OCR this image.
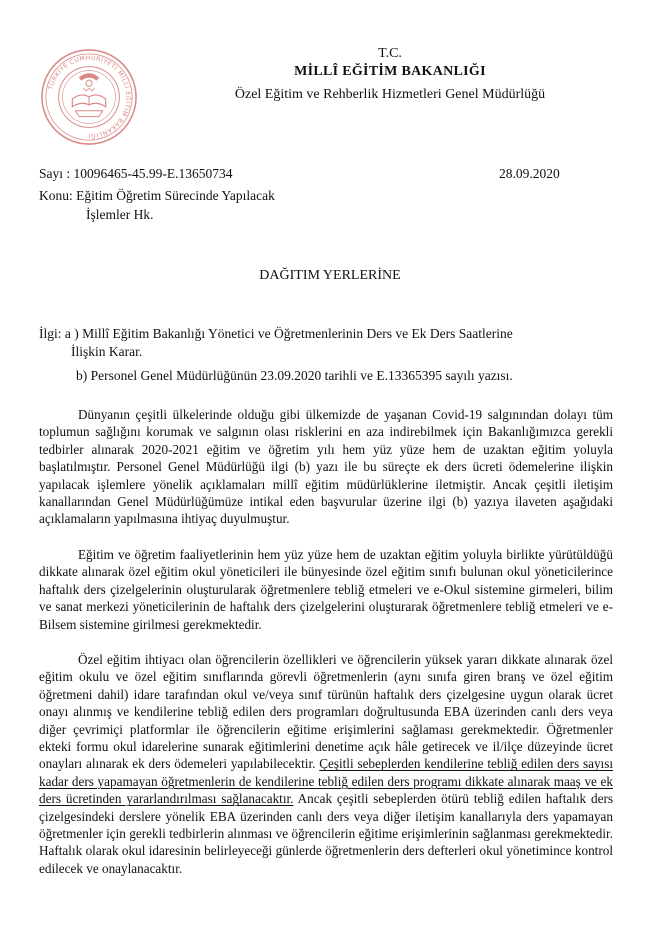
TÜRKİYE CUMHURİYETİ MİLLÎ EĞİTİM BAKANLIĞI
T.C.
MİLLÎ EĞİTİM BAKANLIĞI
Özel Eğitim ve Rehberlik Hizmetleri Genel Müdürlüğü
Sayı : 10096465-45.99-E.13650734	28.09.2020
Konu: Eğitim Öğretim Sürecinde Yapılacak
İşlemler Hk.
DAĞITIM YERLERİNE
İlgi: a ) Millî Eğitim Bakanlığı Yönetici ve Öğretmenlerinin Ders ve Ek Ders Saatlerine
İlişkin Karar.
b) Personel Genel Müdürlüğünün 23.09.2020 tarihli ve E.13365395 sayılı yazısı.

Dünyanın çeşitli ülkelerinde olduğu gibi ülkemizde de yaşanan Covid-19 salgınından dolayı tüm toplumun sağlığını korumak ve salgının olası risklerini en aza indirebilmek için Bakanlığımızca gerekli tedbirler alınarak 2020-2021 eğitim ve öğretim yılı hem yüz yüze hem de uzaktan eğitim yoluyla başlatılmıştır. Personel Genel Müdürlüğü ilgi (b) yazı ile bu süreçte ek ders ücreti ödemelerine ilişkin yapılacak işlemlere yönelik açıklamaları millî eğitim müdürlüklerine iletmiştir. Ancak çeşitli iletişim kanallarından Genel Müdürlüğümüze intikal eden başvurular üzerine ilgi (b) yazıya ilaveten aşağıdaki açıklamaların yapılmasına ihtiyaç duyulmuştur.

Eğitim ve öğretim faaliyetlerinin hem yüz yüze hem de uzaktan eğitim yoluyla birlikte yürütüldüğü dikkate alınarak özel eğitim okul yöneticileri ile bünyesinde özel eğitim sınıfı bulunan okul yöneticilerince haftalık ders çizelgelerinin oluşturularak öğretmenlere tebliğ etmeleri ve e-Okul sistemine girmeleri, bilim ve sanat merkezi yöneticilerinin de haftalık ders çizelgelerini oluşturarak öğretmenlere tebliğ etmeleri ve e-Bilsem sistemine girilmesi gerekmektedir.

Özel eğitim ihtiyacı olan öğrencilerin özellikleri ve öğrencilerin yüksek yararı dikkate alınarak özel eğitim okulu ve özel eğitim sınıflarında görevli öğretmenlerin (aynı sınıfa giren branş ve özel eğitim öğretmeni dahil) idare tarafından okul ve/veya sınıf türünün haftalık ders çizelgesine uygun olarak ücret onayı alınmış ve kendilerine tebliğ edilen ders programları doğrultusunda EBA üzerinden canlı ders veya diğer çevrimiçi platformlar ile öğrencilerin eğitime erişimlerini sağlaması gerekmektedir. Öğretmenler ekteki formu okul idarelerine sunarak eğitimlerini denetime açık hâle getirecek ve il/ilçe düzeyinde ücret onayları alınarak ek ders ödemeleri yapılabilecektir. Çeşitli sebeplerden kendilerine tebliğ edilen ders sayısı kadar ders yapamayan öğretmenlerin de kendilerine tebliğ edilen ders programı dikkate alınarak maaş ve ek ders ücretinden yararlandırılması sağlanacaktır. Ancak çeşitli sebeplerden ötürü tebliğ edilen haftalık ders çizelgesindeki derslere yönelik EBA üzerinden canlı ders veya diğer iletişim kanallarıyla ders yapamayan öğretmenler için gerekli tedbirlerin alınması ve öğrencilerin eğitime erişimlerinin sağlanması gerekmektedir. Haftalık olarak okul idaresinin belirleyeceği günlerde öğretmenlerin ders defterleri okul yönetimince kontrol edilecek ve onaylanacaktır.
